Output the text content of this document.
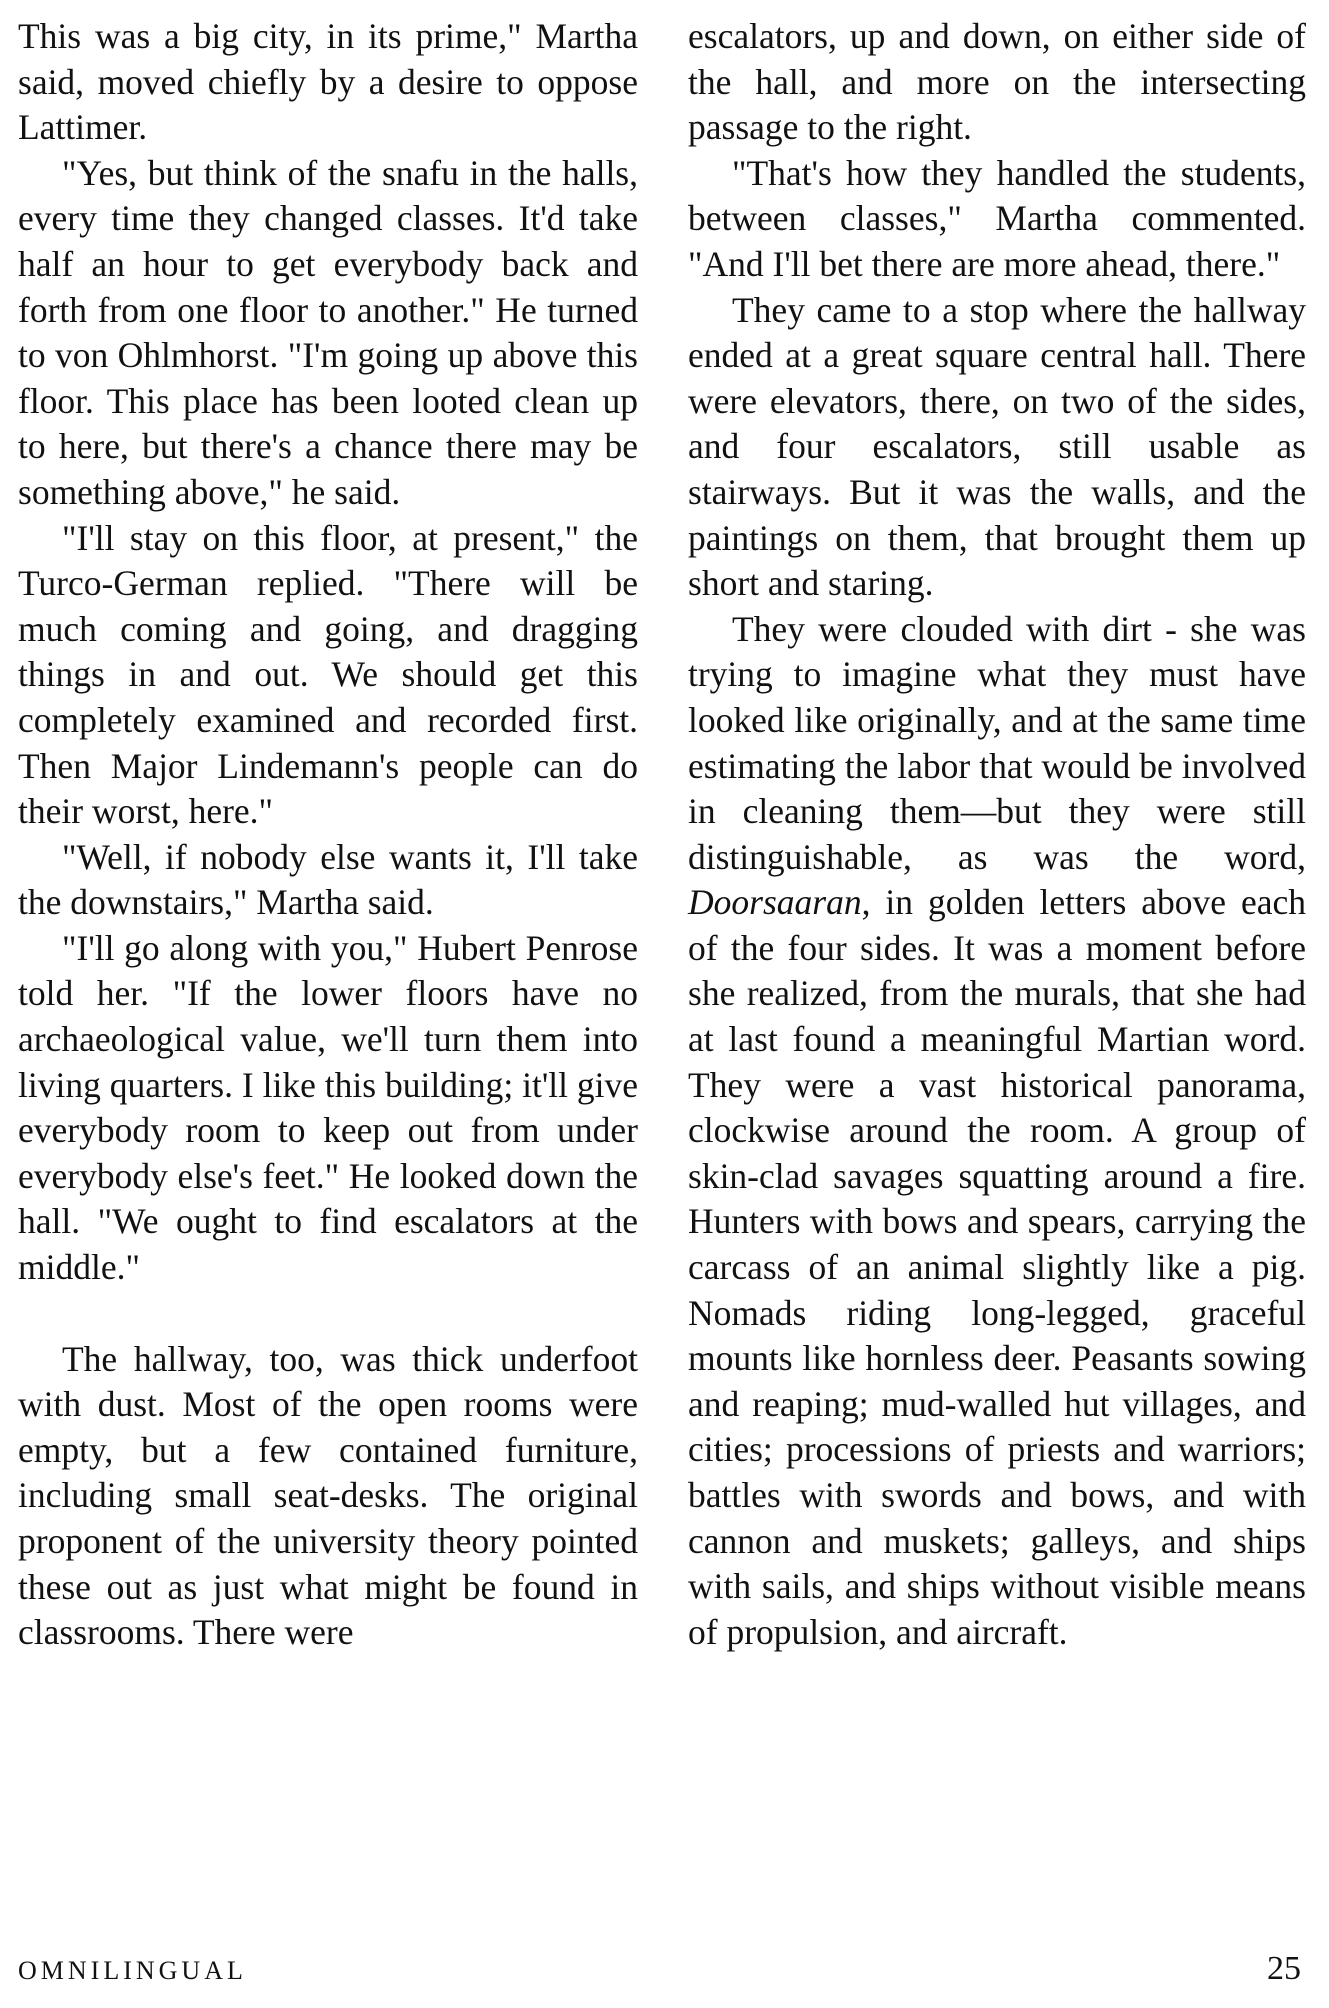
This was a big city, in its prime," Martha said, moved chiefly by a desire to oppose Lattimer.

"Yes, but think of the snafu in the halls, every time they changed classes. It'd take half an hour to get everybody back and forth from one floor to another." He turned to von Ohlmhorst. "I'm going up above this floor. This place has been looted clean up to here, but there's a chance there may be something above," he said.

"I'll stay on this floor, at present," the Turco-German replied. "There will be much coming and going, and dragging things in and out. We should get this completely examined and recorded first. Then Major Lindemann's people can do their worst, here."

"Well, if nobody else wants it, I'll take the downstairs," Martha said.

"I'll go along with you," Hubert Penrose told her. "If the lower floors have no archaeological value, we'll turn them into living quarters. I like this building; it'll give everybody room to keep out from under everybody else's feet." He looked down the hall. "We ought to find escalators at the middle."

The hallway, too, was thick underfoot with dust. Most of the open rooms were empty, but a few contained furniture, including small seat-desks. The original proponent of the university theory pointed these out as just what might be found in classrooms. There were

escalators, up and down, on either side of the hall, and more on the intersecting passage to the right.

"That's how they handled the students, between classes," Martha commented. "And I'll bet there are more ahead, there."

They came to a stop where the hallway ended at a great square central hall. There were elevators, there, on two of the sides, and four escalators, still usable as stairways. But it was the walls, and the paintings on them, that brought them up short and staring.

They were clouded with dirt - she was trying to imagine what they must have looked like originally, and at the same time estimating the labor that would be involved in cleaning them—but they were still distinguishable, as was the word, Doorsaaran, in golden letters above each of the four sides. It was a moment before she realized, from the murals, that she had at last found a meaningful Martian word. They were a vast historical panorama, clockwise around the room. A group of skin-clad savages squatting around a fire. Hunters with bows and spears, carrying the carcass of an animal slightly like a pig. Nomads riding long-legged, graceful mounts like hornless deer. Peasants sowing and reaping; mud-walled hut villages, and cities; processions of priests and warriors; battles with swords and bows, and with cannon and muskets; galleys, and ships with sails, and ships without visible means of propulsion, and aircraft.

OMNILINGUAL	25
